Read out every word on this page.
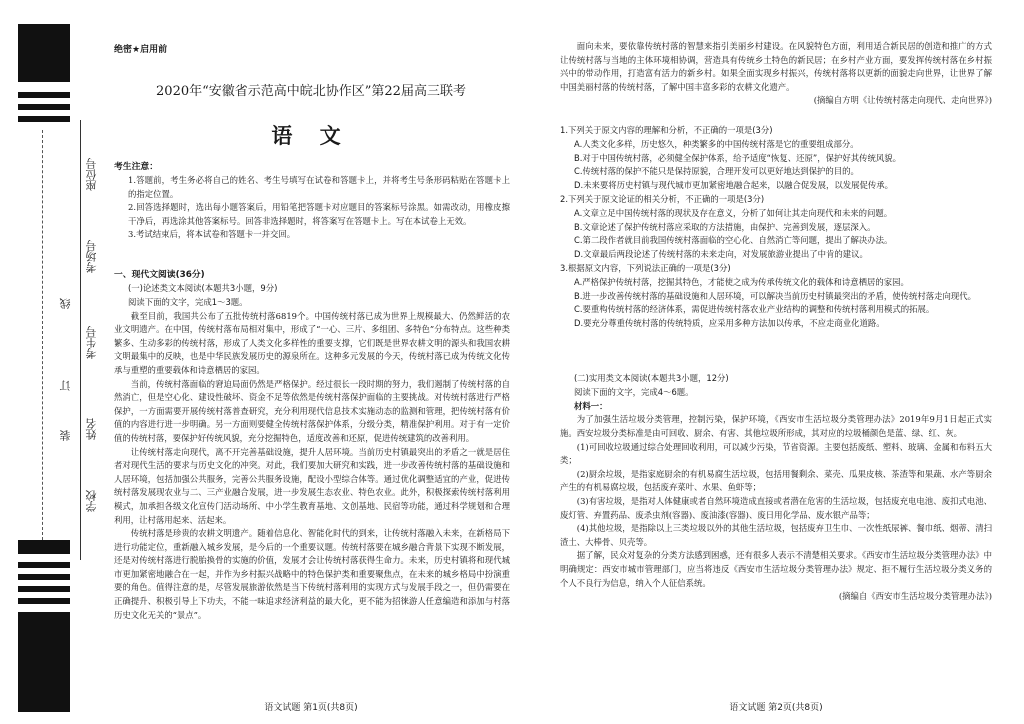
座位号
考场号
考生号
姓名
学校
线
订
装
绝密★启用前
2020年“安徽省示范高中皖北协作区”第22届高三联考
语 文

考生注意：

1.答题前，考生务必将自己的姓名、考生号填写在试卷和答题卡上，并将考生号条形码粘贴在答题卡上的指定位置。

2.回答选择题时，选出每小题答案后，用铅笔把答题卡对应题目的答案标号涂黑。如需改动，用橡皮擦干净后，再选涂其他答案标号。回答非选择题时，将答案写在答题卡上。写在本试卷上无效。

3.考试结束后，将本试卷和答题卡一并交回。

一、现代文阅读(36分)

(一)论述类文本阅读(本题共3小题，9分)

阅读下面的文字，完成1～3题。

截至目前，我国共公布了五批传统村落6819个。中国传统村落已成为世界上规模最大、仍然鲜活的农业文明遗产。在中国，传统村落布局相对集中，形成了“一心、三片、多组团、多特色”分布特点。这些种类繁多、生动多彩的传统村落，形成了人类文化多样性的重要支撑，它们既是世界农耕文明的源头和我国农耕文明最集中的反映，也是中华民族发展历史的源泉所在。这种多元发展的今天，传统村落已成为传统文化传承与重塑的重要载体和诗意栖居的家园。

当前，传统村落面临的窘迫局面仍然是严格保护。经过很长一段时期的努力，我们遏制了传统村落的自然消亡，但是空心化、建设性破坏、资金不足等依然是传统村落保护面临的主要挑战。对传统村落进行严格保护，一方面需要开展传统村落普查研究，充分利用现代信息技术实施动态的监测和管理，把传统村落有价值的内容进行进一步明确。另一方面则要健全传统村落保护体系，分级分类，精准保护利用。对于有一定价值的传统村落，要保护好传统风貌，充分挖掘特色，适度改善和还原，促进传统建筑的改善利用。

让传统村落走向现代，离不开完善基础设施，提升人居环境。当前历史村镇最突出的矛盾之一就是居住者对现代生活的要求与历史文化的冲突。对此，我们要加大研究和实践，进一步改善传统村落的基础设施和人居环境，包括加强公共服务，完善公共服务设施，配设小型综合体等。通过优化调整适宜的产业，促进传统村落发展现农业与二、三产业融合发展，进一步发展生态农业、特色农业。此外，积极探索传统村落利用模式，加承担各级文化宣传门活动场所、中小学生教育基地、文创基地、民宿等功能，通过科学规划和合理利用，让村落用起来、活起来。

传统村落是珍贵的农耕文明遗产。随着信息化、智能化时代的到来，让传统村落融入未来，在新格局下进行功能定位，重新融入城乡发展，是今后的一个重要议题。传统村落要在城乡融合背景下实现不断发展，还是对传统村落进行脱胎换骨的实施的价值，发展才会让传统村落获得生命力。未来，历史村镇将和现代城市更加紧密地融合在一起，并作为乡村振兴战略中的特色保护类和重要聚焦点，在未来的城乡格局中扮演重要的角色。值得注意的是，尽管发展旅游依然是当下传统村落利用的实现方式与发展手段之一，但仍需要在正确提升、积极引导上下功夫，不能一味追求经济利益的最大化，更不能为招徕游人任意编造和添加与村落历史文化无关的“景点”。

语文试题 第1页(共8页)

面向未来，要依靠传统村落的智慧来指引美丽乡村建设。在风貌特色方面，利用适合新民居的创造和推广的方式让传统村落与当地的主体环境相协调，营造具有传统乡土特色的新民居；在乡村产业方面，要发挥传统村落在乡村振兴中的带动作用，打造富有活力的新乡村。如果全面实现乡村振兴，传统村落将以更新的面貌走向世界，让世界了解中国美丽村落的传统村落，了解中国丰富多彩的农耕文化遗产。

(摘编自方明《让传统村落走向现代、走向世界》)

1.下列关于原文内容的理解和分析，不正确的一项是(3分)

A.人类文化多样，历史悠久，种类繁多的中国传统村落是它的重要组成部分。

B.对于中国传统村落，必须健全保护体系，给予适度“恢复、还原”，保护好其传统风貌。

C.传统村落的保护不能只是保持原貌，合理开发可以更好地达到保护的目的。

D.未来要将历史村镇与现代城市更加紧密地融合起来，以融合促发展，以发展促传承。

2.下列关于原文论证的相关分析，不正确的一项是(3分)

A.文章立足中国传统村落的现状及存在意义，分析了如何让其走向现代和未来的问题。

B.文章论述了保护传统村落应采取的方法措施，由保护、完善到发展，逐层深入。

C.第二段作者就目前我国传统村落面临的空心化、自然消亡等问题，提出了解决办法。

D.文章最后两段论述了传统村落的未来走向，对发展旅游业提出了中肯的建议。

3.根据原文内容，下列说法正确的一项是(3分)

A.严格保护传统村落，挖掘其特色，才能使之成为传承传统文化的载体和诗意栖居的家园。

B.进一步改善传统村落的基础设施和人居环境，可以解决当前历史村镇最突出的矛盾，使传统村落走向现代。

C.要重构传统村落的经济体系，需促进传统村落农业产业结构的调整和传统村落利用模式的拓展。

D.要充分尊重传统村落的传统特质，应采用多种方法加以传承，不应走商业化道路。

(二)实用类文本阅读(本题共3小题，12分)

阅读下面的文字，完成4～6题。

材料一：

为了加强生活垃圾分类管理，控制污染，保护环境，《西安市生活垃圾分类管理办法》2019年9月1日起正式实施。西安垃圾分类标准是由可回收、厨余、有害、其他垃圾所形成，其对应的垃圾桶颜色是蓝、绿、红、灰。

(1)可回收垃圾通过综合处理回收利用，可以减少污染，节省资源。主要包括废纸、塑料、玻璃、金属和布料五大类；

(2)厨余垃圾，是指家庭厨余的有机易腐生活垃圾，包括用餐剩余、菜壳、瓜果皮核、茶渣等和果蔬、水产等厨余产生的有机易腐垃圾，包括废弃菜叶、水果、鱼虾等；

(3)有害垃圾，是指对人体健康或者自然环境造成直接或者潜在危害的生活垃圾，包括废充电电池、废扣式电池、废灯管、弃置药品、废杀虫剂(容器)、废油漆(容器)、废日用化学品、废水银产品等；

(4)其他垃圾，是指除以上三类垃圾以外的其他生活垃圾，包括废弃卫生巾、一次性纸尿裤、餐巾纸、烟蒂、清扫渣土、大棒骨、贝壳等。

据了解，民众对复杂的分类方法感到困惑，还有很多人表示不清楚相关要求。《西安市生活垃圾分类管理办法》中明确规定：西安市城市管理部门，应当将违反《西安市生活垃圾分类管理办法》规定、拒不履行生活垃圾分类义务的个人不良行为信息，纳入个人征信系统。

(摘编自《西安市生活垃圾分类管理办法》)

语文试题 第2页(共8页)
